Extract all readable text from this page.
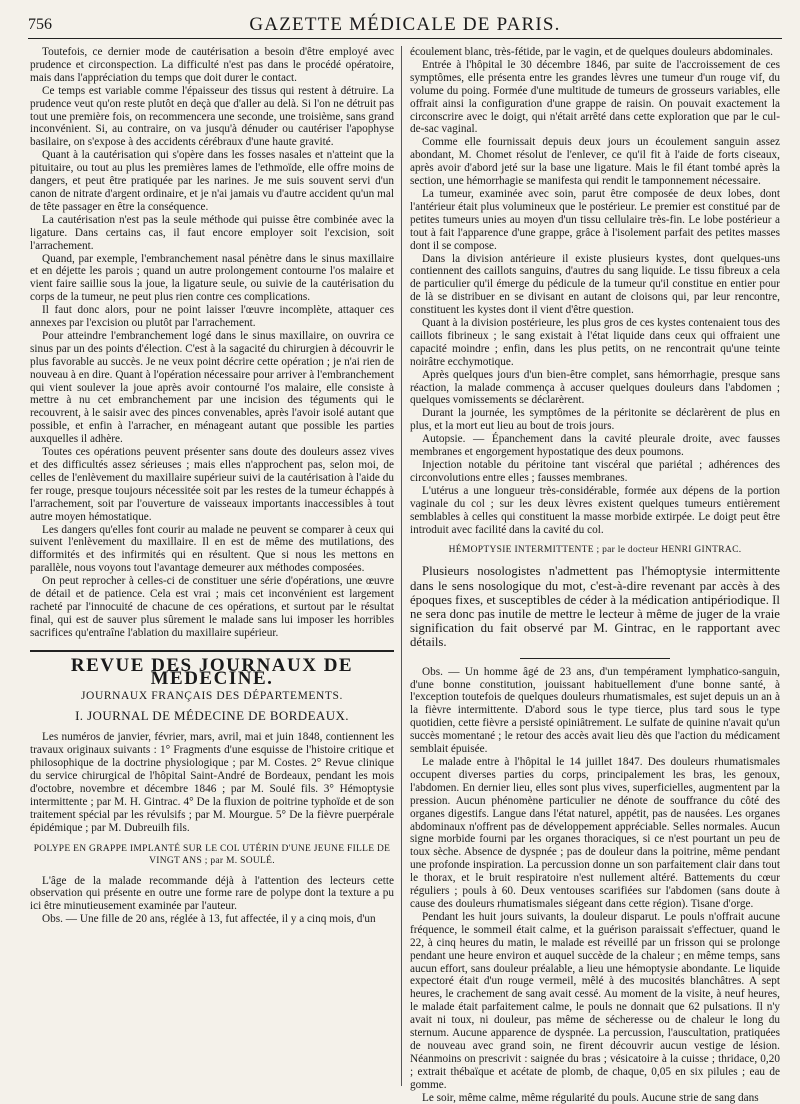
756	GAZETTE MÉDICALE DE PARIS.

Toutefois, ce dernier mode de cautérisation a besoin d'être employé avec prudence et circonspection. La difficulté n'est pas dans le procédé opératoire, mais dans l'appréciation du temps que doit durer le contact.

Ce temps est variable comme l'épaisseur des tissus qui restent à détruire. La prudence veut qu'on reste plutôt en deçà que d'aller au delà. Si l'on ne détruit pas tout une première fois, on recommencera une seconde, une troisième, sans grand inconvénient. Si, au contraire, on va jusqu'à dénuder ou cautériser l'apophyse basilaire, on s'expose à des accidents cérébraux d'une haute gravité.

Quant à la cautérisation qui s'opère dans les fosses nasales et n'atteint que la pituitaire, ou tout au plus les premières lames de l'ethmoïde, elle offre moins de dangers, et peut être pratiquée par les narines. Je me suis souvent servi d'un canon de nitrate d'argent ordinaire, et je n'ai jamais vu d'autre accident qu'un mal de tête passager en être la conséquence.

La cautérisation n'est pas la seule méthode qui puisse être combinée avec la ligature. Dans certains cas, il faut encore employer soit l'excision, soit l'arrachement.

Quand, par exemple, l'embranchement nasal pénètre dans le sinus maxillaire et en déjette les parois ; quand un autre prolongement contourne l'os malaire et vient faire saillie sous la joue, la ligature seule, ou suivie de la cautérisation du corps de la tumeur, ne peut plus rien contre ces complications.

Il faut donc alors, pour ne point laisser l'œuvre incomplète, attaquer ces annexes par l'excision ou plutôt par l'arrachement.

Pour atteindre l'embranchement logé dans le sinus maxillaire, on ouvrira ce sinus par un des points d'élection. C'est à la sagacité du chirurgien à découvrir le plus favorable au succès. Je ne veux point décrire cette opération ; je n'ai rien de nouveau à en dire. Quant à l'opération nécessaire pour arriver à l'embranchement qui vient soulever la joue après avoir contourné l'os malaire, elle consiste à mettre à nu cet embranchement par une incision des téguments qui le recouvrent, à le saisir avec des pinces convenables, après l'avoir isolé autant que possible, et enfin à l'arracher, en ménageant autant que possible les parties auxquelles il adhère.

Toutes ces opérations peuvent présenter sans doute des douleurs assez vives et des difficultés assez sérieuses ; mais elles n'approchent pas, selon moi, de celles de l'enlèvement du maxillaire supérieur suivi de la cautérisation à l'aide du fer rouge, presque toujours nécessitée soit par les restes de la tumeur échappés à l'arrachement, soit par l'ouverture de vaisseaux importants inaccessibles à tout autre moyen hémostatique.

Les dangers qu'elles font courir au malade ne peuvent se comparer à ceux qui suivent l'enlèvement du maxillaire. Il en est de même des mutilations, des difformités et des infirmités qui en résultent. Que si nous les mettons en parallèle, nous voyons tout l'avantage demeurer aux méthodes composées.

On peut reprocher à celles-ci de constituer une série d'opérations, une œuvre de détail et de patience. Cela est vrai ; mais cet inconvénient est largement racheté par l'innocuité de chacune de ces opérations, et surtout par le résultat final, qui est de sauver plus sûrement le malade sans lui imposer les horribles sacrifices qu'entraîne l'ablation du maxillaire supérieur.

REVUE DES JOURNAUX DE MÉDECINE.
JOURNAUX FRANÇAIS DES DÉPARTEMENTS.
I. JOURNAL DE MÉDECINE DE BORDEAUX.

Les numéros de janvier, février, mars, avril, mai et juin 1848, contiennent les travaux originaux suivants : 1° Fragments d'une esquisse de l'histoire critique et philosophique de la doctrine physiologique ; par M. Costes. 2° Revue clinique du service chirurgical de l'hôpital Saint-André de Bordeaux, pendant les mois d'octobre, novembre et décembre 1846 ; par M. Soulé fils. 3° Hémoptysie intermittente ; par M. H. Gintrac. 4° De la fluxion de poitrine typhoïde et de son traitement spécial par les révulsifs ; par M. Mourgue. 5° De la fièvre puerpérale épidémique ; par M. Dubreuilh fils.

POLYPE EN GRAPPE IMPLANTÉ SUR LE COL UTÉRIN D'UNE JEUNE FILLE DE VINGT ANS ; par M. SOULÉ.

L'âge de la malade recommande déjà à l'attention des lecteurs cette observation qui présente en outre une forme rare de polype dont la texture a pu ici être minutieusement examinée par l'auteur.

Obs. — Une fille de 20 ans, réglée à 13, fut affectée, il y a cinq mois, d'un

écoulement blanc, très-fétide, par le vagin, et de quelques douleurs abdominales.

Entrée à l'hôpital le 30 décembre 1846, par suite de l'accroissement de ces symptômes, elle présenta entre les grandes lèvres une tumeur d'un rouge vif, du volume du poing. Formée d'une multitude de tumeurs de grosseurs variables, elle offrait ainsi la configuration d'une grappe de raisin. On pouvait exactement la circonscrire avec le doigt, qui n'était arrêté dans cette exploration que par le cul-de-sac vaginal.

Comme elle fournissait depuis deux jours un écoulement sanguin assez abondant, M. Chomet résolut de l'enlever, ce qu'il fit à l'aide de forts ciseaux, après avoir d'abord jeté sur la base une ligature. Mais le fil étant tombé après la section, une hémorrhagie se manifesta qui rendit le tamponnement nécessaire.

La tumeur, examinée avec soin, parut être composée de deux lobes, dont l'antérieur était plus volumineux que le postérieur. Le premier est constitué par de petites tumeurs unies au moyen d'un tissu cellulaire très-fin. Le lobe postérieur a tout à fait l'apparence d'une grappe, grâce à l'isolement parfait des petites masses dont il se compose.

Dans la division antérieure il existe plusieurs kystes, dont quelques-uns contiennent des caillots sanguins, d'autres du sang liquide. Le tissu fibreux a cela de particulier qu'il émerge du pédicule de la tumeur qu'il constitue en entier pour de là se distribuer en se divisant en autant de cloisons qui, par leur rencontre, constituent les kystes dont il vient d'être question.

Quant à la division postérieure, les plus gros de ces kystes contenaient tous des caillots fibrineux ; le sang existait à l'état liquide dans ceux qui offraient une capacité moindre ; enfin, dans les plus petits, on ne rencontrait qu'une teinte noirâtre ecchymotique.

Après quelques jours d'un bien-être complet, sans hémorrhagie, presque sans réaction, la malade commença à accuser quelques douleurs dans l'abdomen ; quelques vomissements se déclarèrent.

Durant la journée, les symptômes de la péritonite se déclarèrent de plus en plus, et la mort eut lieu au bout de trois jours.

Autopsie. — Épanchement dans la cavité pleurale droite, avec fausses membranes et engorgement hypostatique des deux poumons.

Injection notable du péritoine tant viscéral que pariétal ; adhérences des circonvolutions entre elles ; fausses membranes.

L'utérus a une longueur très-considérable, formée aux dépens de la portion vaginale du col ; sur les deux lèvres existent quelques tumeurs entièrement semblables à celles qui constituent la masse morbide extirpée. Le doigt peut être introduit avec facilité dans la cavité du col.

HÉMOPTYSIE INTERMITTENTE ; par le docteur HENRI GINTRAC.

Plusieurs nosologistes n'admettent pas l'hémoptysie intermittente dans le sens nosologique du mot, c'est-à-dire revenant par accès à des époques fixes, et susceptibles de céder à la médication antipériodique. Il ne sera donc pas inutile de mettre le lecteur à même de juger de la vraie signification du fait observé par M. Gintrac, en le rapportant avec détails.

Obs. — Un homme âgé de 23 ans, d'un tempérament lymphatico-sanguin, d'une bonne constitution, jouissant habituellement d'une bonne santé, à l'exception toutefois de quelques douleurs rhumatismales, est sujet depuis un an à la fièvre intermittente. D'abord sous le type tierce, plus tard sous le type quotidien, cette fièvre a persisté opiniâtrement. Le sulfate de quinine n'avait qu'un succès momentané ; le retour des accès avait lieu dès que l'action du médicament semblait épuisée.

Le malade entre à l'hôpital le 14 juillet 1847. Des douleurs rhumatismales occupent diverses parties du corps, principalement les bras, les genoux, l'abdomen. En dernier lieu, elles sont plus vives, superficielles, augmentent par la pression. Aucun phénomène particulier ne dénote de souffrance du côté des organes digestifs. Langue dans l'état naturel, appétit, pas de nausées. Les organes abdominaux n'offrent pas de développement appréciable. Selles normales. Aucun signe morbide fourni par les organes thoraciques, si ce n'est pourtant un peu de toux sèche. Absence de dyspnée ; pas de douleur dans la poitrine, même pendant une profonde inspiration. La percussion donne un son parfaitement clair dans tout le thorax, et le bruit respiratoire n'est nullement altéré. Battements du cœur réguliers ; pouls à 60. Deux ventouses scarifiées sur l'abdomen (sans doute à cause des douleurs rhumatismales siégeant dans cette région). Tisane d'orge.

Pendant les huit jours suivants, la douleur disparut. Le pouls n'offrait aucune fréquence, le sommeil était calme, et la guérison paraissait s'effectuer, quand le 22, à cinq heures du matin, le malade est réveillé par un frisson qui se prolonge pendant une heure environ et auquel succède de la chaleur ; en même temps, sans aucun effort, sans douleur préalable, a lieu une hémoptysie abondante. Le liquide expectoré était d'un rouge vermeil, mêlé à des mucosités blanchâtres. A sept heures, le crachement de sang avait cessé. Au moment de la visite, à neuf heures, le malade était parfaitement calme, le pouls ne donnait que 62 pulsations. Il n'y avait ni toux, ni douleur, pas même de sécheresse ou de chaleur le long du sternum. Aucune apparence de dyspnée. La percussion, l'auscultation, pratiquées de nouveau avec grand soin, ne firent découvrir aucun vestige de lésion. Néanmoins on prescrivit : saignée du bras ; vésicatoire à la cuisse ; thridace, 0,20 ; extrait thébaïque et acétate de plomb, de chaque, 0,05 en six pilules ; eau de gomme.

Le soir, même calme, même régularité du pouls. Aucune strie de sang dans
